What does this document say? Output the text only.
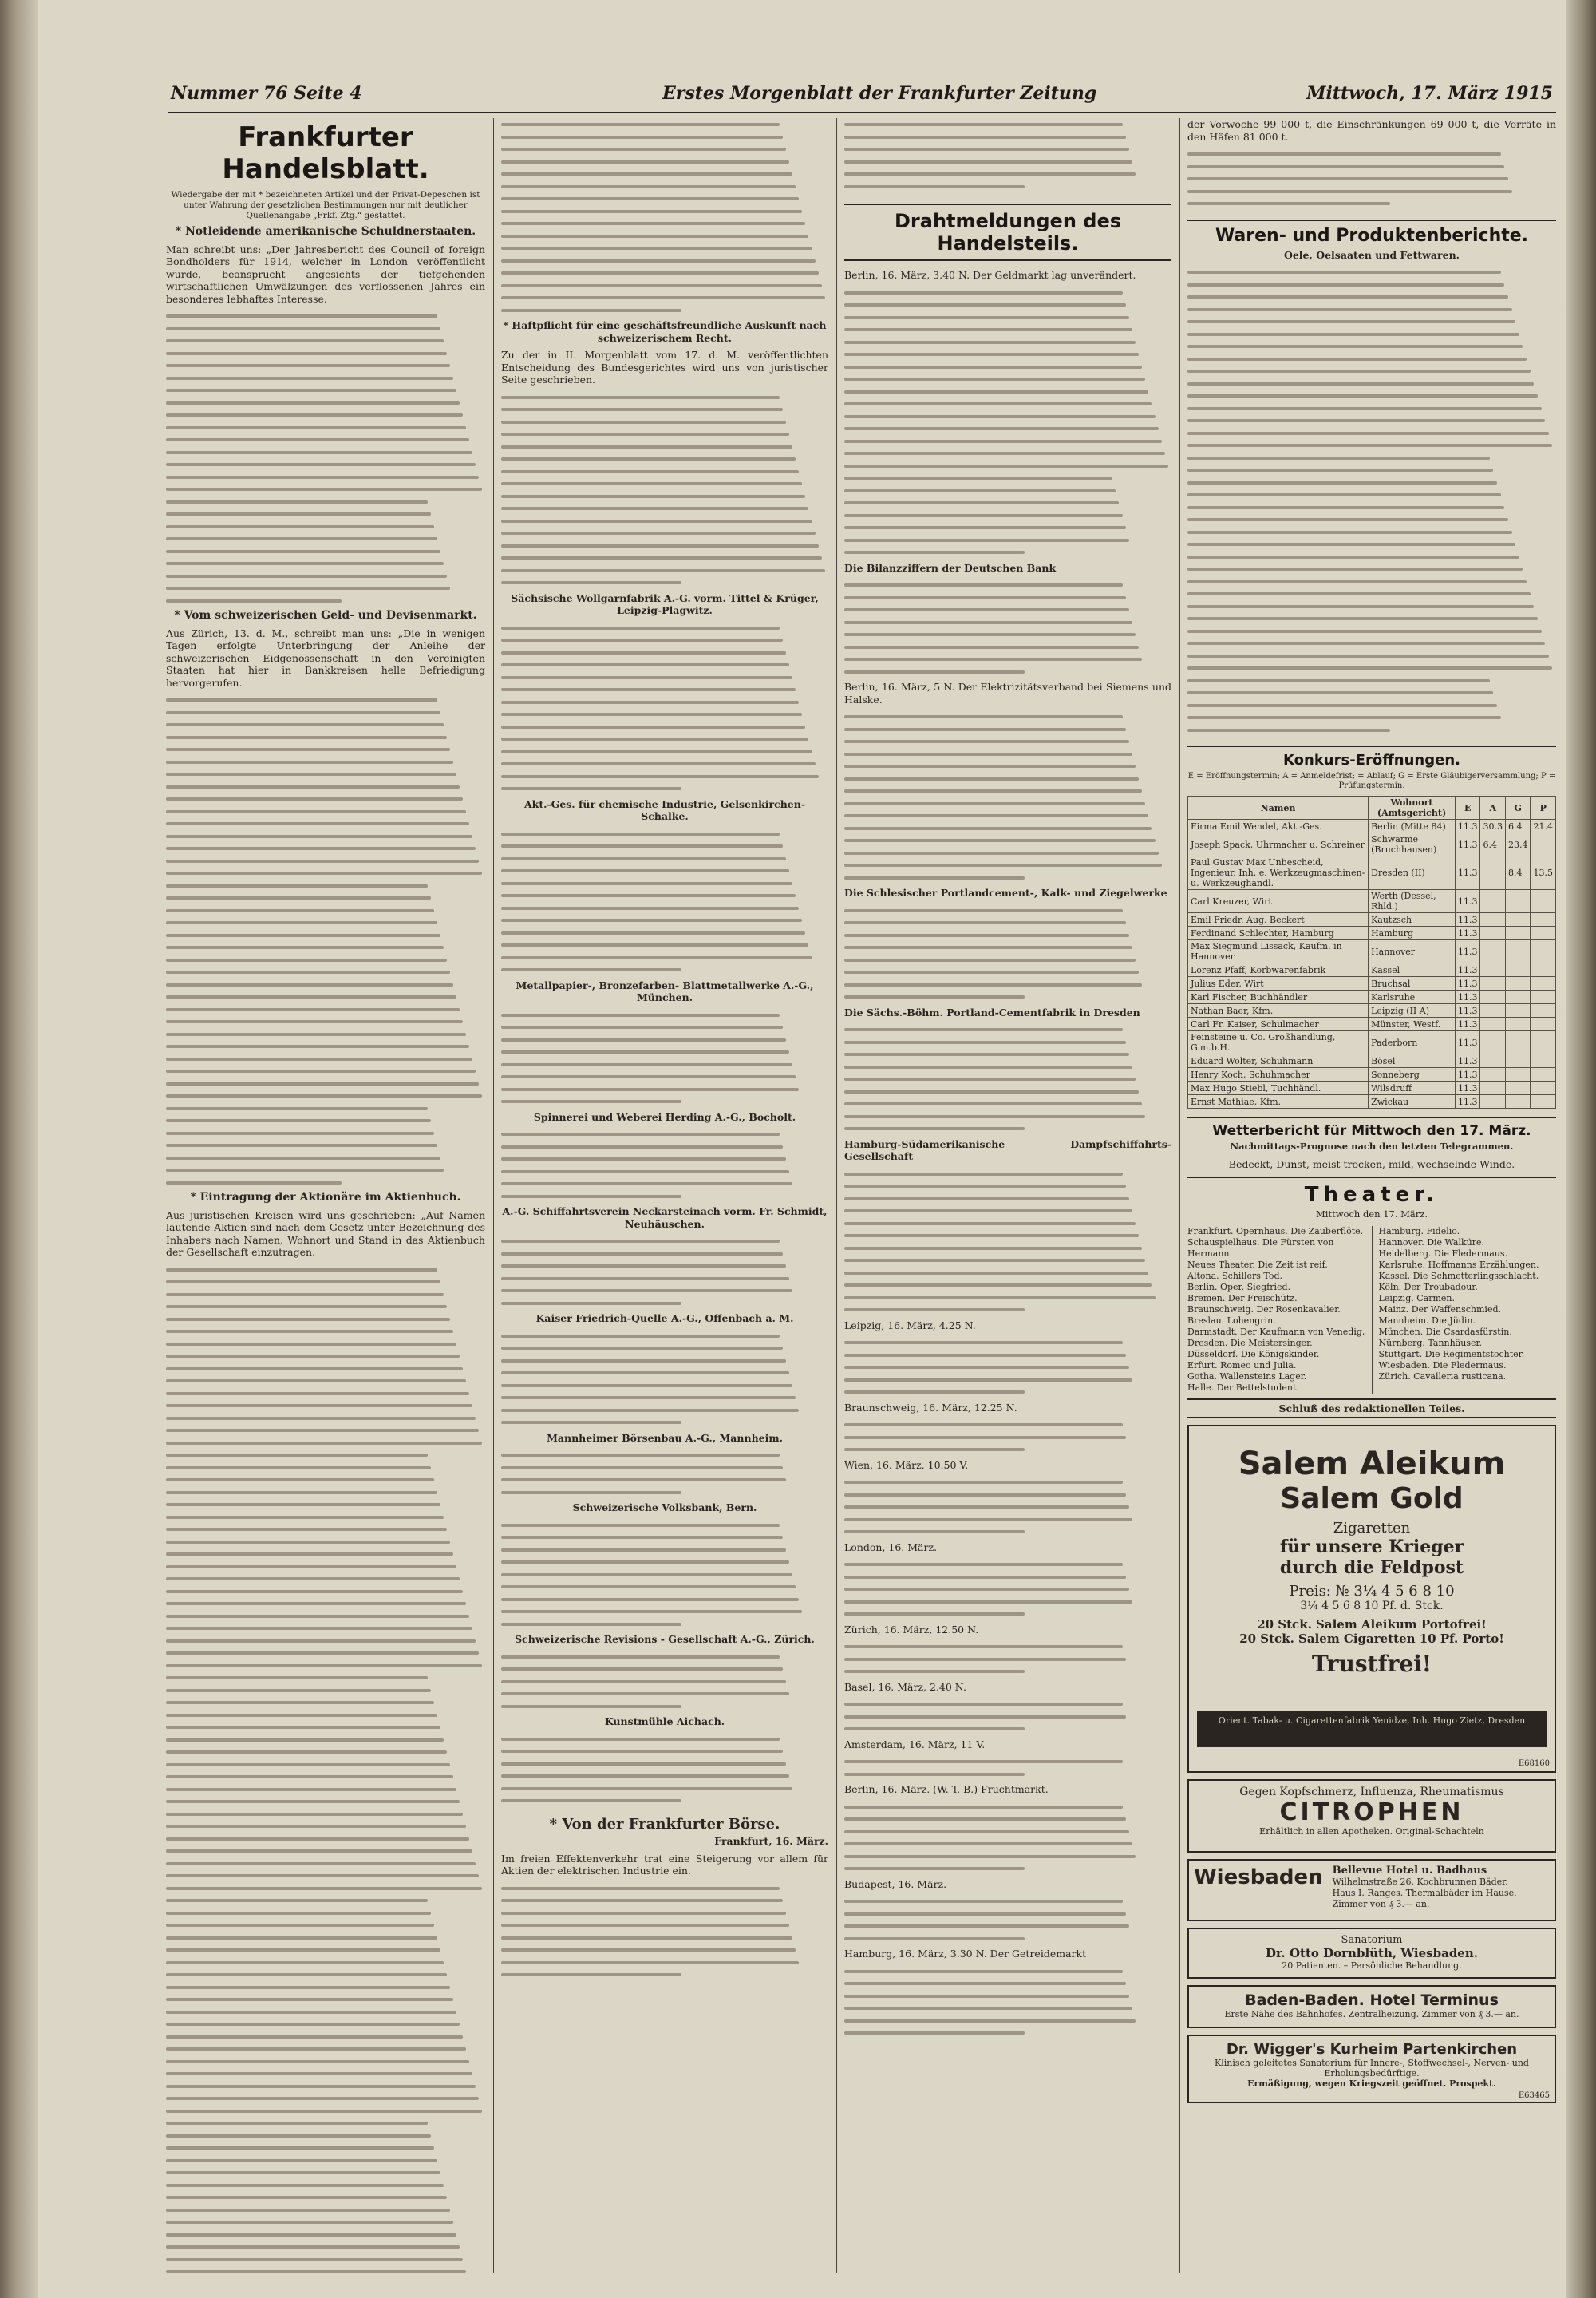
Nummer 76 Seite 4	Erstes Morgenblatt der Frankfurter Zeitung	Mittwoch, 17. März 1915
Frankfurter Handelsblatt.

Wiedergabe der mit * bezeichneten Artikel und der Privat-Depeschen ist unter Wahrung der gesetzlichen Bestimmungen nur mit deutlicher Quellenangabe „Frkf. Ztg.“ gestattet.

* Notleidende amerikanische Schuldnerstaaten.

Man schreibt uns: „Der Jahresbericht des Council of foreign Bondholders für 1914, welcher in London veröffentlicht wurde, beansprucht angesichts der tiefgehenden wirtschaftlichen Umwälzungen des verflossenen Jahres ein besonderes lebhaftes Interesse.

* Vom schweizerischen Geld- und Devisenmarkt.

Aus Zürich, 13. d. M., schreibt man uns: „Die in wenigen Tagen erfolgte Unterbringung der Anleihe der schweizerischen Eidgenossenschaft in den Vereinigten Staaten hat hier in Bankkreisen helle Befriedigung hervorgerufen.

* Eintragung der Aktionäre im Aktienbuch.

Aus juristischen Kreisen wird uns geschrieben: „Auf Namen lautende Aktien sind nach dem Gesetz unter Bezeichnung des Inhabers nach Namen, Wohnort und Stand in das Aktienbuch der Gesellschaft einzutragen.

* Haftpflicht für eine geschäftsfreundliche Auskunft nach schweizerischem Recht.

Zu der in II. Morgenblatt vom 17. d. M. veröffentlichten Entscheidung des Bundesgerichtes wird uns von juristischer Seite geschrieben.

Sächsische Wollgarnfabrik A.-G. vorm. Tittel & Krüger, Leipzig-Plagwitz.

Akt.-Ges. für chemische Industrie, Gelsenkirchen-Schalke.

Metallpapier-, Bronzefarben- Blattmetallwerke A.-G., München.

Spinnerei und Weberei Herding A.-G., Bocholt.

A.-G. Schiffahrtsverein Neckarsteinach vorm. Fr. Schmidt, Neuhäuschen.

Kaiser Friedrich-Quelle A.-G., Offenbach a. M.

Mannheimer Börsenbau A.-G., Mannheim.

Schweizerische Volksbank, Bern.

Schweizerische Revisions - Gesellschaft A.-G., Zürich.

Kunstmühle Aichach.

* Von der Frankfurter Börse.

Frankfurt, 16. März.

Im freien Effektenverkehr trat eine Steigerung vor allem für Aktien der elektrischen Industrie ein.

Drahtmeldungen des Handelsteils.

Berlin, 16. März, 3.40 N. Der Geldmarkt lag unverändert.

Die Bilanzziffern der Deutschen Bank

Berlin, 16. März, 5 N. Der Elektrizitätsverband bei Siemens und Halske.

Die Schlesischer Portlandcement-, Kalk- und Ziegelwerke

Die Sächs.-Böhm. Portland-Cementfabrik in Dresden

Hamburg-Südamerikanische Dampfschiffahrts-Gesellschaft

Leipzig, 16. März, 4.25 N.

Braunschweig, 16. März, 12.25 N.

Wien, 16. März, 10.50 V.

London, 16. März.

Zürich, 16. März, 12.50 N.

Basel, 16. März, 2.40 N.

Amsterdam, 16. März, 11 V.

Berlin, 16. März. (W. T. B.) Fruchtmarkt.

Budapest, 16. März.

Hamburg, 16. März, 3.30 N. Der Getreidemarkt

der Vorwoche 99 000 t, die Einschränkungen 69 000 t, die Vorräte in den Häfen 81 000 t.

Waren- und Produktenberichte.

Oele, Oelsaaten und Fettwaren.

Konkurs-Eröffnungen.

E = Eröffnungstermin; A = Anmeldefrist; = Ablauf; G = Erste Gläubigerversammlung; P = Prüfungstermin.

Namen	Wohnort (Amtsgericht)	E	A	G	P
Firma Emil Wendel, Akt.-Ges.	Berlin (Mitte 84)	11.3	30.3	6.4	21.4
Joseph Spack, Uhrmacher u. Schreiner	Schwarme (Bruchhausen)	11.3	6.4	23.4	
Paul Gustav Max Unbescheid, Ingenieur, Inh. e. Werkzeugmaschinen-u. Werkzeughandl.	Dresden (II)	11.3		8.4	13.5
Carl Kreuzer, Wirt	Werth (Dessel, Rhld.)	11.3			
Emil Friedr. Aug. Beckert	Kautzsch	11.3			
Ferdinand Schlechter, Hamburg	Hamburg	11.3			
Max Siegmund Lissack, Kaufm. in Hannover	Hannover	11.3			
Lorenz Pfaff, Korbwarenfabrik	Kassel	11.3			
Julius Eder, Wirt	Bruchsal	11.3			
Karl Fischer, Buchhändler	Karlsruhe	11.3			
Nathan Baer, Kfm.	Leipzig (II A)	11.3			
Carl Fr. Kaiser, Schulmacher	Münster, Westf.	11.3			
Feinsteine u. Co. Großhandlung, G.m.b.H.	Paderborn	11.3			
Eduard Wolter, Schuhmann	Bösel	11.3			
Henry Koch, Schuhmacher	Sonneberg	11.3			
Max Hugo Stiebl, Tuchhändl.	Wilsdruff	11.3			
Ernst Mathiae, Kfm.	Zwickau	11.3			
Wetterbericht für Mittwoch den 17. März.

Nachmittags-Prognose nach den letzten Telegrammen.

Bedeckt, Dunst, meist trocken, mild, wechselnde Winde.

Theater.

Mittwoch den 17. März.

Frankfurt. Opernhaus. Die Zauberflöte.
Schauspielhaus. Die Fürsten von Hermann.
Neues Theater. Die Zeit ist reif.
Altona. Schillers Tod.
Berlin. Oper. Siegfried.
Bremen. Der Freischütz.
Braunschweig. Der Rosenkavalier.
Breslau. Lohengrin.
Darmstadt. Der Kaufmann von Venedig.
Dresden. Die Meistersinger.
Düsseldorf. Die Königskinder.
Erfurt. Romeo und Julia.
Gotha. Wallensteins Lager.
Halle. Der Bettelstudent.
Hamburg. Fidelio.
Hannover. Die Walküre.
Heidelberg. Die Fledermaus.
Karlsruhe. Hoffmanns Erzählungen.
Kassel. Die Schmetterlingsschlacht.
Köln. Der Troubadour.
Leipzig. Carmen.
Mainz. Der Waffenschmied.
Mannheim. Die Jüdin.
München. Die Csardasfürstin.
Nürnberg. Tannhäuser.
Stuttgart. Die Regimentstochter.
Wiesbaden. Die Fledermaus.
Zürich. Cavalleria rusticana.

Schluß des redaktionellen Teiles.

Salem Aleikum
Salem Gold
Zigaretten
für unsere Krieger
durch die Feldpost
Preis: № 3¼ 4 5 6 8 10
3¼ 4 5 6 8 10 Pf. d. Stck.
20 Stck. Salem Aleikum Portofrei!
20 Stck. Salem Cigaretten 10 Pf. Porto!
Trustfrei!
Orient. Tabak- u. Cigarettenfabrik Yenidze, Inh. Hugo Zietz, Dresden
E68160
Gegen Kopfschmerz, Influenza, Rheumatismus
CITROPHEN
Erhältlich in allen Apotheken. Original-Schachteln
Wiesbaden Bellevue Hotel u. Badhaus
Wilhelmstraße 26. Kochbrunnen Bäder.
Haus I. Ranges. Thermalbäder im Hause.
Zimmer von ₰ 3.— an.
Sanatorium
Dr. Otto Dornblüth, Wiesbaden.
20 Patienten. – Persönliche Behandlung.
Baden-Baden. Hotel Terminus
Erste Nähe des Bahnhofes. Zentralheizung. Zimmer von ₰ 3.— an.
Dr. Wigger's Kurheim Partenkirchen
Klinisch geleitetes Sanatorium für Innere-, Stoffwechsel-, Nerven- und Erholungsbedürftige.
Ermäßigung, wegen Kriegszeit geöffnet. Prospekt.
E63465
